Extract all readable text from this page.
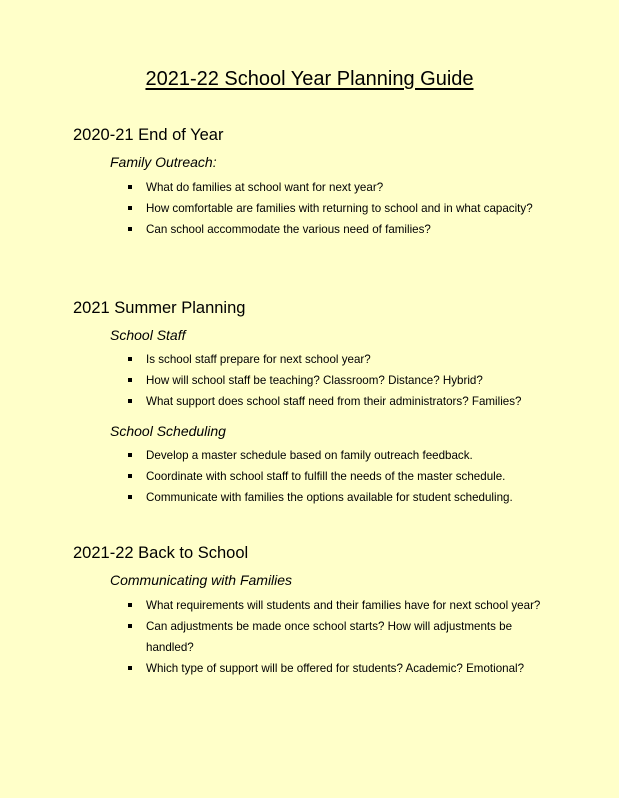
2021-22 School Year Planning Guide
2020-21 End of Year
Family Outreach:
What do families at school want for next year?
How comfortable are families with returning to school and in what capacity?
Can school accommodate the various need of families?
2021 Summer Planning
School Staff
Is school staff prepare for next school year?
How will school staff be teaching? Classroom? Distance? Hybrid?
What support does school staff need from their administrators? Families?
School Scheduling
Develop a master schedule based on family outreach feedback.
Coordinate with school staff to fulfill the needs of the master schedule.
Communicate with families the options available for student scheduling.
2021-22 Back to School
Communicating with Families
What requirements will students and their families have for next school year?
Can adjustments be made once school starts? How will adjustments be handled?
Which type of support will be offered for students? Academic? Emotional?
